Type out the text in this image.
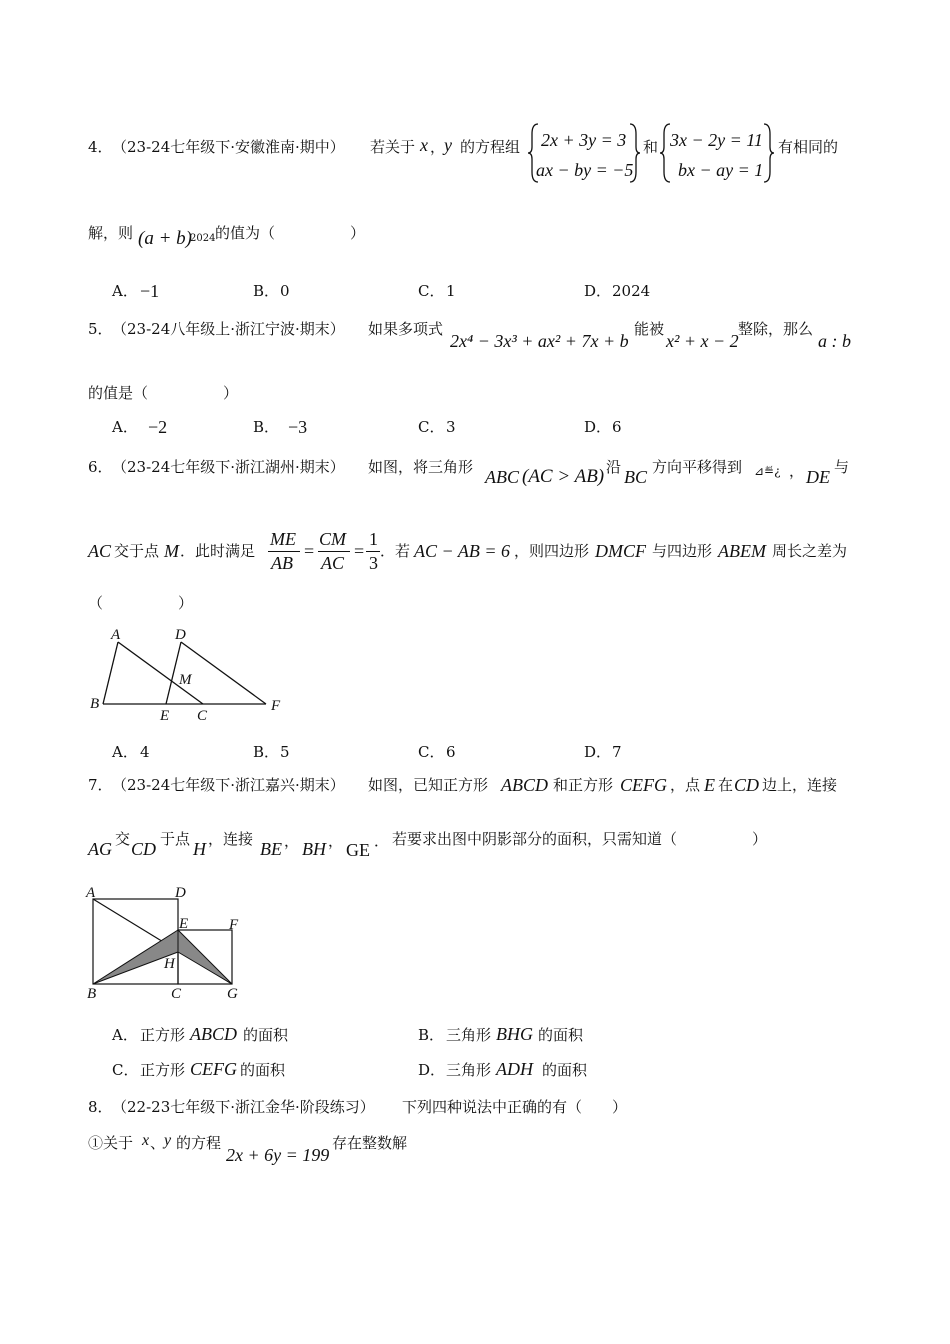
4． （23-24七年级下·安徽淮南·期中） 若关于 x ，
y 的方程组 2x + 3y = 3
ax − by = −5
和 3x − 2y = 11
bx − ay = 1
有相同的
解，则 (a + b)
2024 的值为（　　　　　）
A． −1	B． 0	C． 1	D． 2024
5． （23-24八年级上·浙江宁波·期末） 如果多项式
2x⁴ − 3x³ + ax² + 7x + b
能被
x² + x − 2
整除，那么
a : b
的值是（　　　　　）
A． −2	B． −3	C． 3	D． 6
6． （23-24七年级下·浙江湖州·期末） 如图，将三角形 ABC (AC > AB) 沿 BC 方向平移得到 ⊿≝¿ ， DE 与
AC 交于点 M ．此时满足
ME
AB
=
CM
AC
=
1
3
．若 AC − AB = 6 ，则四边形 DMCF 与四边形 ABEM 周长之差为
（　　　　　）
A
B
C
D
E
F
M
A． 4	B． 5	C． 6	D． 7
7． （23-24七年级下·浙江嘉兴·期末） 如图，已知正方形 ABCD 和正方形 CEFG ，点 E 在 CD 边上，连接
AG 交 CD 于点 H ，连接 BE ， BH ， GE ． 若要求出图中阴影部分的面积，只需知道（　　　　　）
A
B	C
D
E	F
G
H
A． 正方形 ABCD 的面积	B． 三角形 BHG 的面积
C． 正方形 CEFG 的面积	D． 三角形 ADH 的面积
8． （22-23七年级下·浙江金华·阶段练习） 下列四种说法中正确的有（　　）
①关于 x 、
y 的方程
2x + 6y = 199
存在整数解
